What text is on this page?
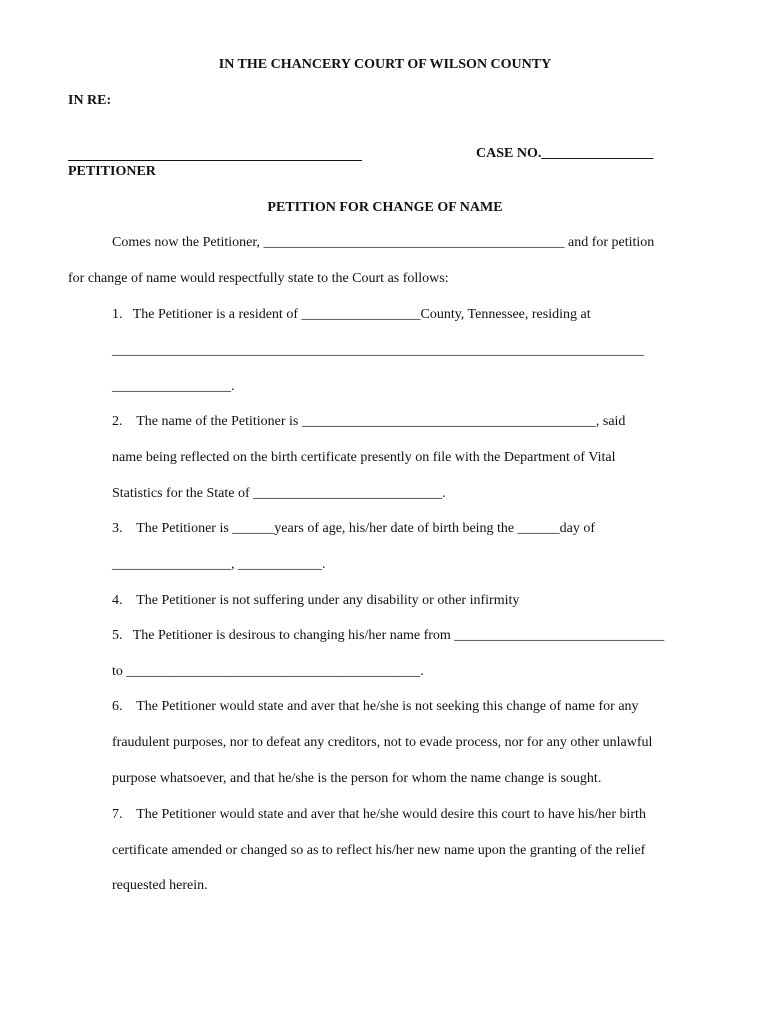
IN THE CHANCERY COURT OF WILSON COUNTY
IN RE:
CASE NO.________________
PETITIONER
PETITION FOR CHANGE OF NAME
Comes now the Petitioner, ___________________________________________ and for petition
for change of name would respectfully state to the Court as follows:
1.   The Petitioner is a resident of _________________County, Tennessee, residing at
____________________________________________________________________________
_________________.
2.    The name of the Petitioner is __________________________________________, said
name being reflected on the birth certificate presently on file with the Department of Vital
Statistics for the State of ___________________________.
3.    The Petitioner is ______years of age, his/her date of birth being the ______day of
_________________, ____________.
4.    The Petitioner is not suffering under any disability or other infirmity
5.   The Petitioner is desirous to changing his/her name from ______________________________
to __________________________________________.
6.    The Petitioner would state and aver that he/she is not seeking this change of name for any
fraudulent purposes, nor to defeat any creditors, not to evade process, nor for any other unlawful
purpose whatsoever, and that he/she is the person for whom the name change is sought.
7.    The Petitioner would state and aver that he/she would desire this court to have his/her birth
certificate amended or changed so as to reflect his/her new name upon the granting of the relief
requested herein.
